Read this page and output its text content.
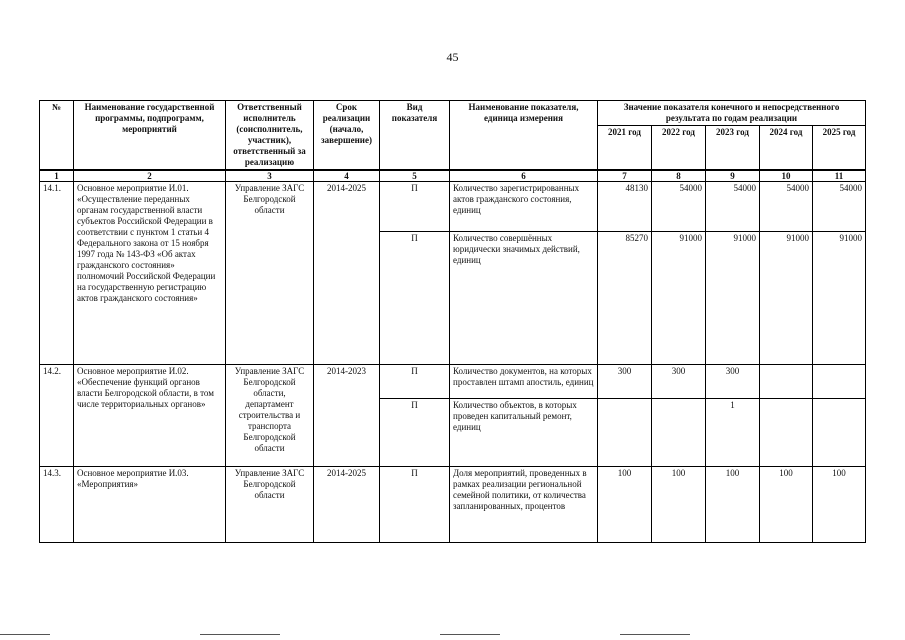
45
№	Наименование государственной программы, подпрограмм, мероприятий	Ответственный исполнитель (соисполнитель, участник), ответственный за реализацию	Срок реализации (начало, завершение)	Вид показателя	Наименование показателя, единица измерения	Значение показателя конечного и непосредственного результата по годам реализации				
						2021 год	2022 год	2023 год	2024 год	2025 год

1	2	3	4	5	6	7	8	9	10	11
14.1.	Основное мероприятие И.01. «Осуществление переданных органам государственной власти субъектов Российской Федерации в соответствии с пунктом 1 статьи 4 Федерального закона от 15 ноября 1997 года № 143-ФЗ «Об актах гражданского состояния» полномочий Российской Федерации на государственную регистрацию актов гражданского состояния»	Управление ЗАГС Белгородской области	2014-2025	П	Количество зарегистрированных актов гражданского состояния, единиц	48130	54000	54000	54000	54000
				П	Количество совершённых юридически значимых действий, единиц	85270	91000	91000	91000	91000
14.2.	Основное мероприятие И.02. «Обеспечение функций органов власти Белгородской области, в том числе территориальных органов»	Управление ЗАГС Белгородской области, департамент строительства и транспорта Белгородской области	2014-2023	П	Количество документов, на которых проставлен штамп апостиль, единиц	300	300	300		
				П	Количество объектов, в которых проведен капитальный ремонт, единиц			1		
14.3.	Основное мероприятие И.03. «Мероприятия»	Управление ЗАГС Белгородской области	2014-2025	П	Доля мероприятий, проведенных в рамках реализации региональной семейной политики, от количества запланированных, процентов	100	100	100	100	100
